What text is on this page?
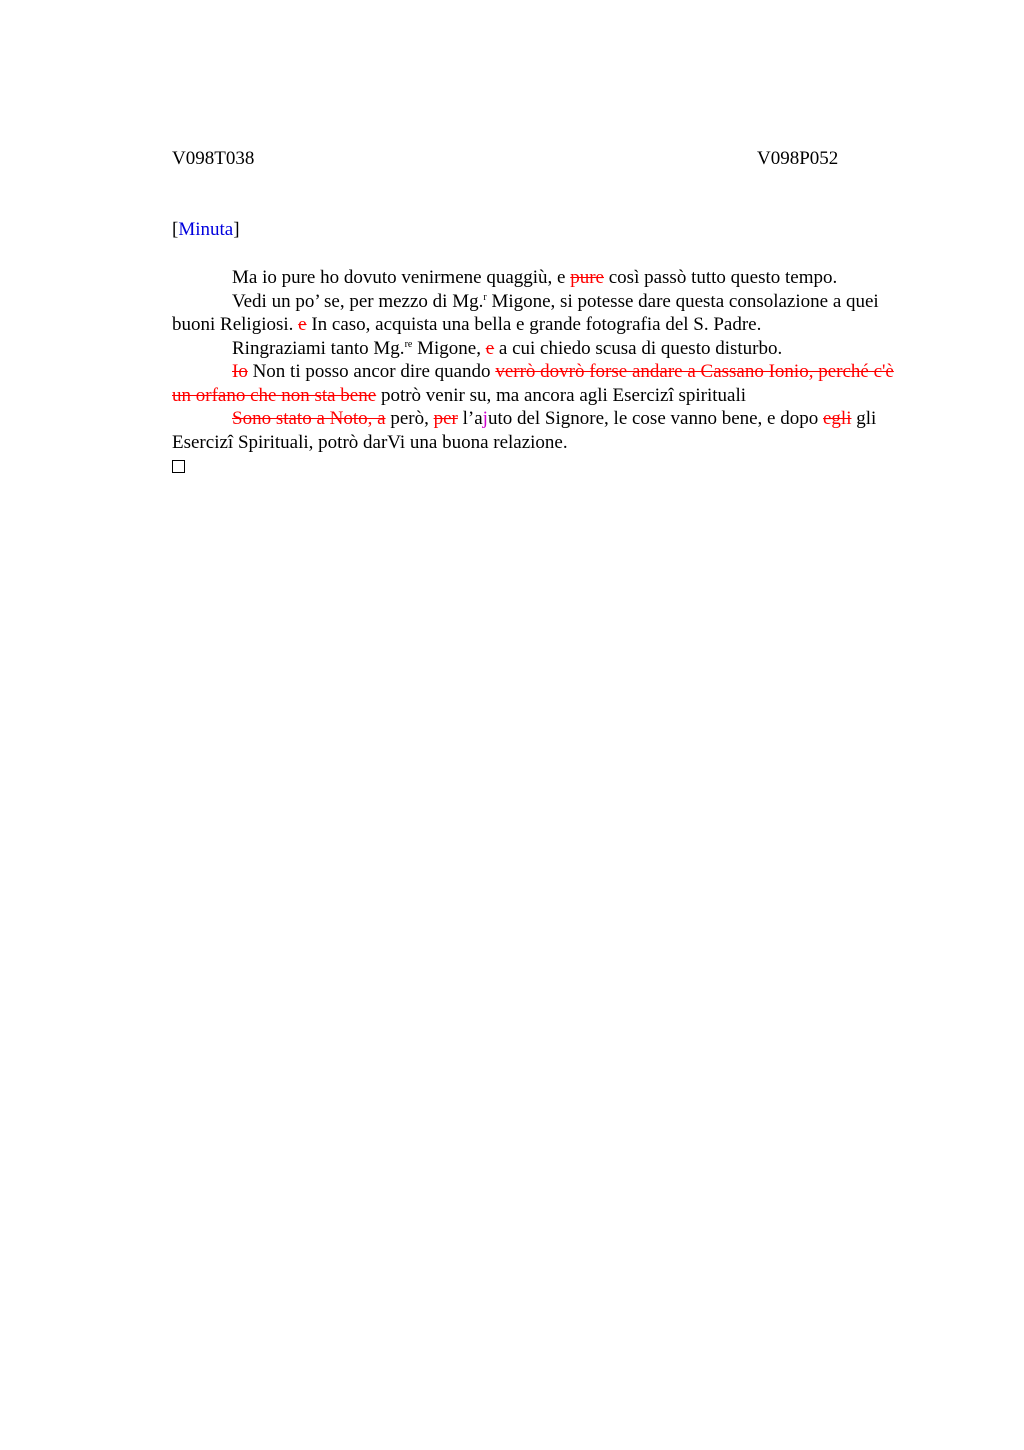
V098T038	V098P052
[Minuta]

Ma io pure ho dovuto venirmene quaggiù, e pure così passò tutto questo tempo.

Vedi un po’ se, per mezzo di Mg.$^r$ Migone, si potesse dare questa consolazione a quei buoni Religiosi. e In caso, acquista una bella e grande fotografia del S. Padre.

Ringraziami tanto Mg.$^{re}$ Migone, e a cui chiedo scusa di questo disturbo.

Io Non ti posso ancor dire quando verrò dovrò forse andare a Cassano Ionio, perché c'è un orfano che non sta bene potrò venir su, ma ancora agli Esercizi spirituali

Sono stato a Noto, a però, per l’ajuto del Signore, le cose vanno bene, e dopo egli gli Esercizi Spirituali, potrò darVi una buona relazione.
